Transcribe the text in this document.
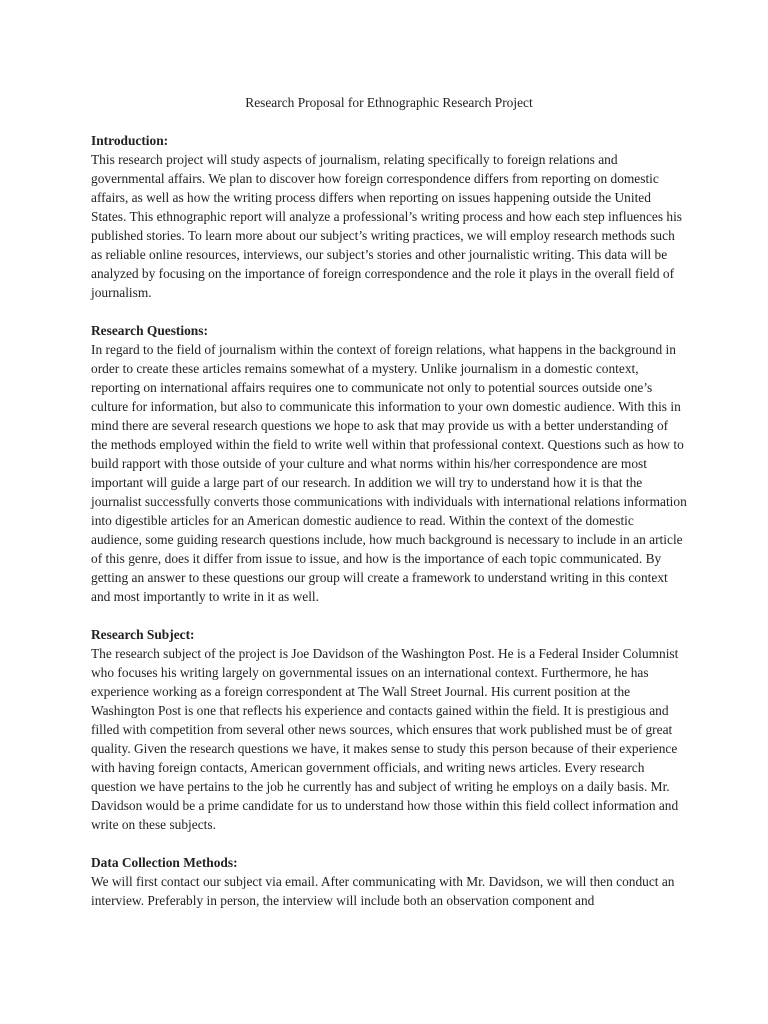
Research Proposal for Ethnographic Research Project
Introduction:
This research project will study aspects of journalism, relating specifically to foreign relations and governmental affairs. We plan to discover how foreign correspondence differs from reporting on domestic affairs, as well as how the writing process differs when reporting on issues happening outside the United States. This ethnographic report will analyze a professional’s writing process and how each step influences his published stories. To learn more about our subject’s writing practices, we will employ research methods such as reliable online resources, interviews, our subject’s stories and other journalistic writing. This data will be analyzed by focusing on the importance of foreign correspondence and the role it plays in the overall field of journalism.
Research Questions:
In regard to the field of journalism within the context of foreign relations, what happens in the background in order to create these articles remains somewhat of a mystery. Unlike journalism in a domestic context, reporting on international affairs requires one to communicate not only to potential sources outside one’s culture for information, but also to communicate this information to your own domestic audience. With this in mind there are several research questions we hope to ask that may provide us with a better understanding of the methods employed within the field to write well within that professional context. Questions such as how to build rapport with those outside of your culture and what norms within his/her correspondence are most important will guide a large part of our research. In addition we will try to understand how it is that the journalist successfully converts those communications with individuals with international relations information into digestible articles for an American domestic audience to read. Within the context of the domestic audience, some guiding research questions include, how much background is necessary to include in an article of this genre, does it differ from issue to issue, and how is the importance of each topic communicated. By getting an answer to these questions our group will create a framework to understand writing in this context and most importantly to write in it as well.
Research Subject:
The research subject of the project is Joe Davidson of the Washington Post. He is a Federal Insider Columnist who focuses his writing largely on governmental issues on an international context. Furthermore, he has experience working as a foreign correspondent at The Wall Street Journal. His current position at the Washington Post is one that reflects his experience and contacts gained within the field. It is prestigious and filled with competition from several other news sources, which ensures that work published must be of great quality. Given the research questions we have, it makes sense to study this person because of their experience with having foreign contacts, American government officials, and writing news articles. Every research question we have pertains to the job he currently has and subject of writing he employs on a daily basis. Mr. Davidson would be a prime candidate for us to understand how those within this field collect information and write on these subjects.
Data Collection Methods:
We will first contact our subject via email. After communicating with Mr. Davidson, we will then conduct an interview. Preferably in person, the interview will include both an observation component and
